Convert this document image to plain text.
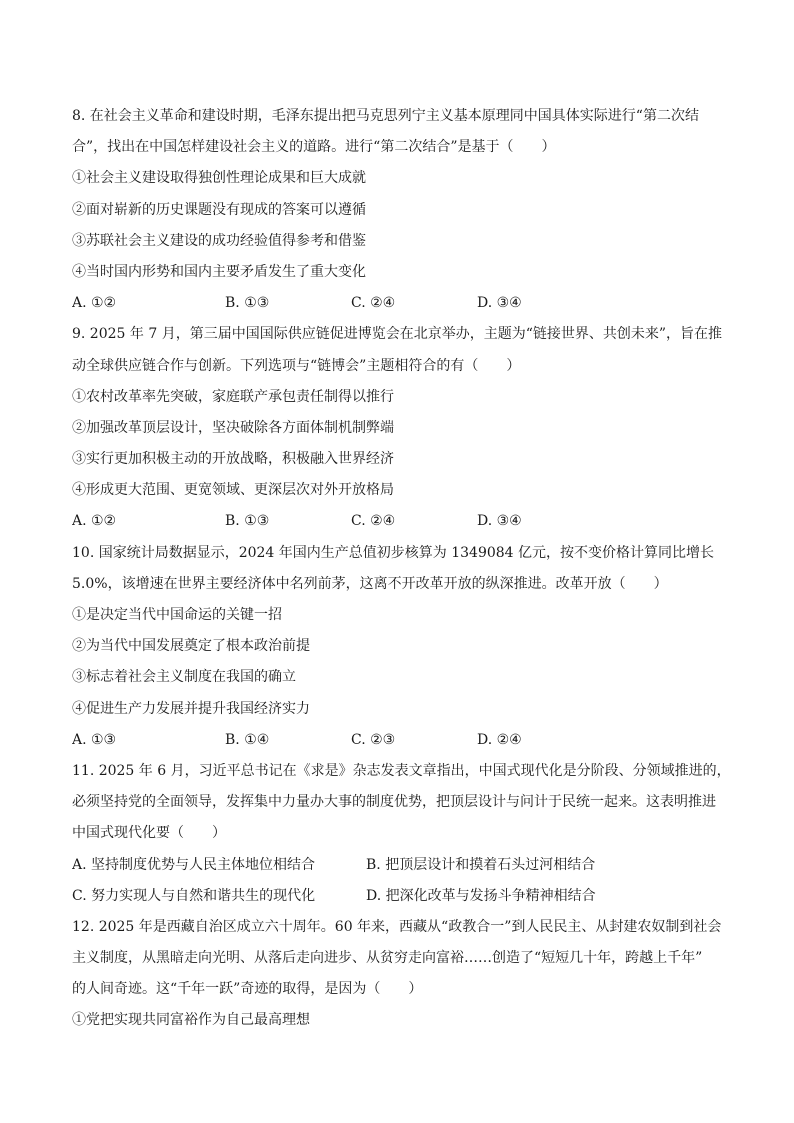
8. 在社会主义革命和建设时期，毛泽东提出把马克思列宁主义基本原理同中国具体实际进行“第二次结
合”，找出在中国怎样建设社会主义的道路。进行“第二次结合”是基于（　　）
①社会主义建设取得独创性理论成果和巨大成就
②面对崭新的历史课题没有现成的答案可以遵循
③苏联社会主义建设的成功经验值得参考和借鉴
④当时国内形势和国内主要矛盾发生了重大变化
A. ①②	B. ①③	C. ②④	D. ③④
9. 2025 年 7 月，第三届中国国际供应链促进博览会在北京举办，主题为“链接世界、共创未来”，旨在推
动全球供应链合作与创新。下列选项与“链博会”主题相符合的有（　　）
①农村改革率先突破，家庭联产承包责任制得以推行
②加强改革顶层设计，坚决破除各方面体制机制弊端
③实行更加积极主动的开放战略，积极融入世界经济
④形成更大范围、更宽领域、更深层次对外开放格局
A. ①②	B. ①③	C. ②④	D. ③④
10. 国家统计局数据显示，2024 年国内生产总值初步核算为 1349084 亿元，按不变价格计算同比增长
5.0%，该增速在世界主要经济体中名列前茅，这离不开改革开放的纵深推进。改革开放（　　）
①是决定当代中国命运的关键一招
②为当代中国发展奠定了根本政治前提
③标志着社会主义制度在我国的确立
④促进生产力发展并提升我国经济实力
A. ①③	B. ①④	C. ②③	D. ②④
11. 2025 年 6 月，习近平总书记在《求是》杂志发表文章指出，中国式现代化是分阶段、分领域推进的，
必须坚持党的全面领导，发挥集中力量办大事的制度优势，把顶层设计与问计于民统一起来。这表明推进
中国式现代化要（　　）
A. 坚持制度优势与人民主体地位相结合	B. 把顶层设计和摸着石头过河相结合
C. 努力实现人与自然和谐共生的现代化	D. 把深化改革与发扬斗争精神相结合
12. 2025 年是西藏自治区成立六十周年。60 年来，西藏从“政教合一”到人民民主、从封建农奴制到社会
主义制度，从黑暗走向光明、从落后走向进步、从贫穷走向富裕……创造了“短短几十年，跨越上千年”
的人间奇迹。这“千年一跃”奇迹的取得，是因为（　　）
①党把实现共同富裕作为自己最高理想
